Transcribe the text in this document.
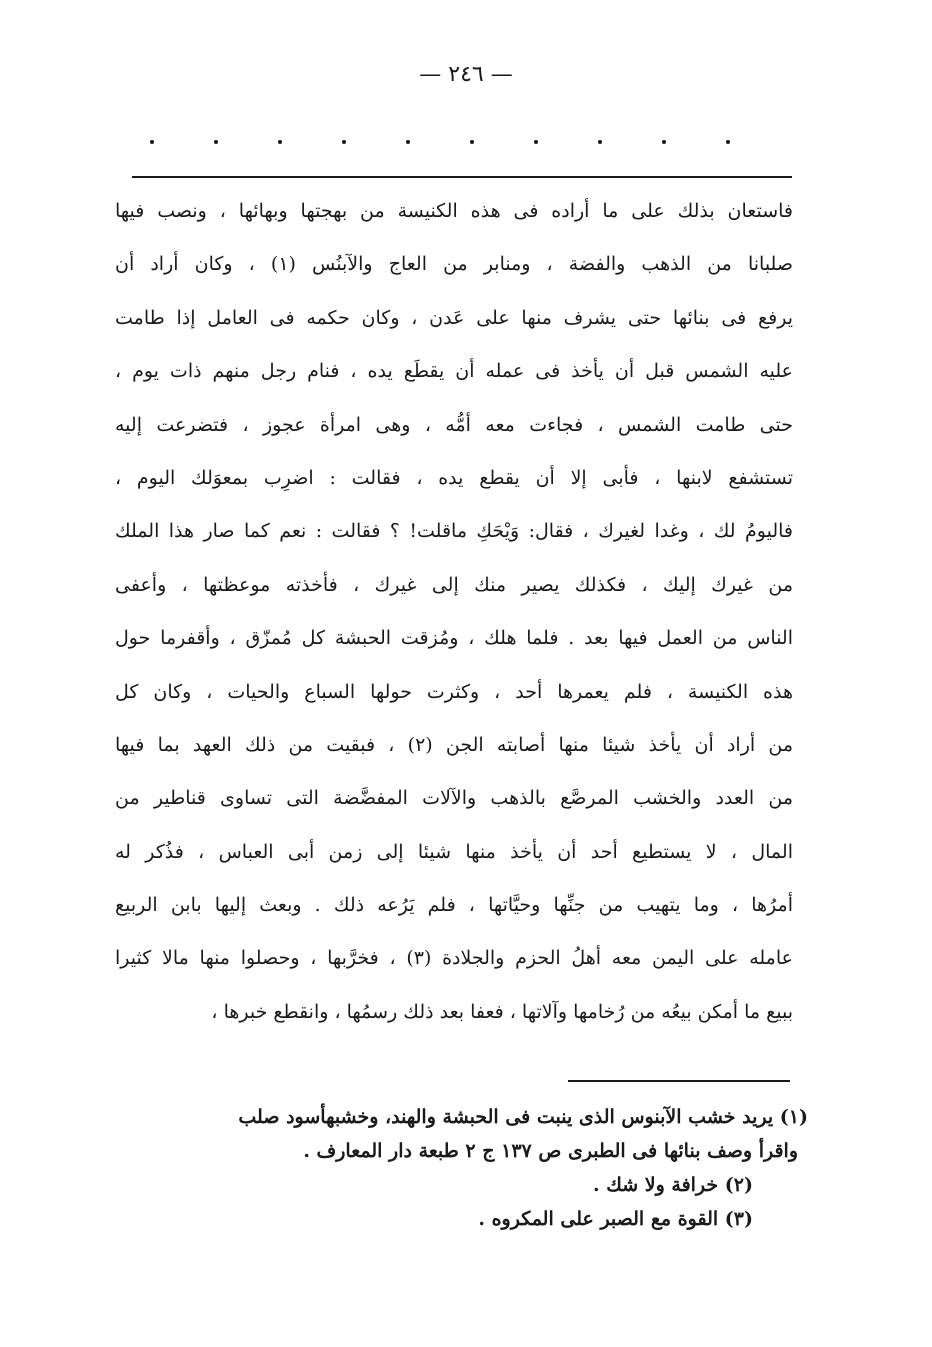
— ٢٤٦ —
فاستعان بذلك على ما أراده فى هذه الكنيسة من بهجتها وبهائها ، ونصب فيها
صلبانا من الذهب والفضة ، ومنابر من العاج والآبنُس (١) ، وكان أراد أن
يرفع فى بنائها حتى يشرف منها على عَدن ، وكان حكمه فى العامل إذا طامت
عليه الشمس قبل أن يأخذ فى عمله أن يقطَع يده ، فنام رجل منهم ذات يوم ،
حتى طامت الشمس ، فجاءت معه أمُّه ، وهى امرأة عجوز ، فتضرعت إليه
تستشفع لابنها ، فأبى إلا أن يقطع يده ، فقالت : اضرِب بمعوَلك اليوم ،
فاليومُ لك ، وغدا لغيرك ، فقال: وَيْحَكِ ماقلت! ؟ فقالت : نعم كما صار هذا الملك
من غيرك إليك ، فكذلك يصير منك إلى غيرك ، فأخذته موعظتها ، وأعفى
الناس من العمل فيها بعد . فلما هلك ، ومُزقت الحبشة كل مُمزّق ، وأقفرما حول
هذه الكنيسة ، فلم يعمرها أحد ، وكثرت حولها السباع والحيات ، وكان كل
من أراد أن يأخذ شيئا منها أصابته الجن (٢) ، فبقيت من ذلك العهد بما فيها
من العدد والخشب المرصَّع بالذهب والآلات المفضَّضة التى تساوى قناطير من
المال ، لا يستطيع أحد أن يأخذ منها شيئا إلى زمن أبى العباس ، فذُكر له
أمرُها ، وما يتهيب من جنِّها وحيَّاتها ، فلم يَرُعه ذلك . وبعث إليها بابن الربيع
عامله على اليمن معه أهلُ الحزم والجلادة (٣) ، فخرَّبها ، وحصلوا منها مالا كثيرا
ببيع ما أمكن بيعُه من رُخامها وآلاتها ، فعفا بعد ذلك رسمُها ، وانقطع خبرها ،
(١) يريد خشب الآبنوس الذى ينبت فى الحبشة والهند، وخشبهأسود صلب
واقرأ وصف بنائها فى الطبرى ص ١٣٧ ج ٢ طبعة دار المعارف .
(٢) خرافة ولا شك .
(٣) القوة مع الصبر على المكروه .
